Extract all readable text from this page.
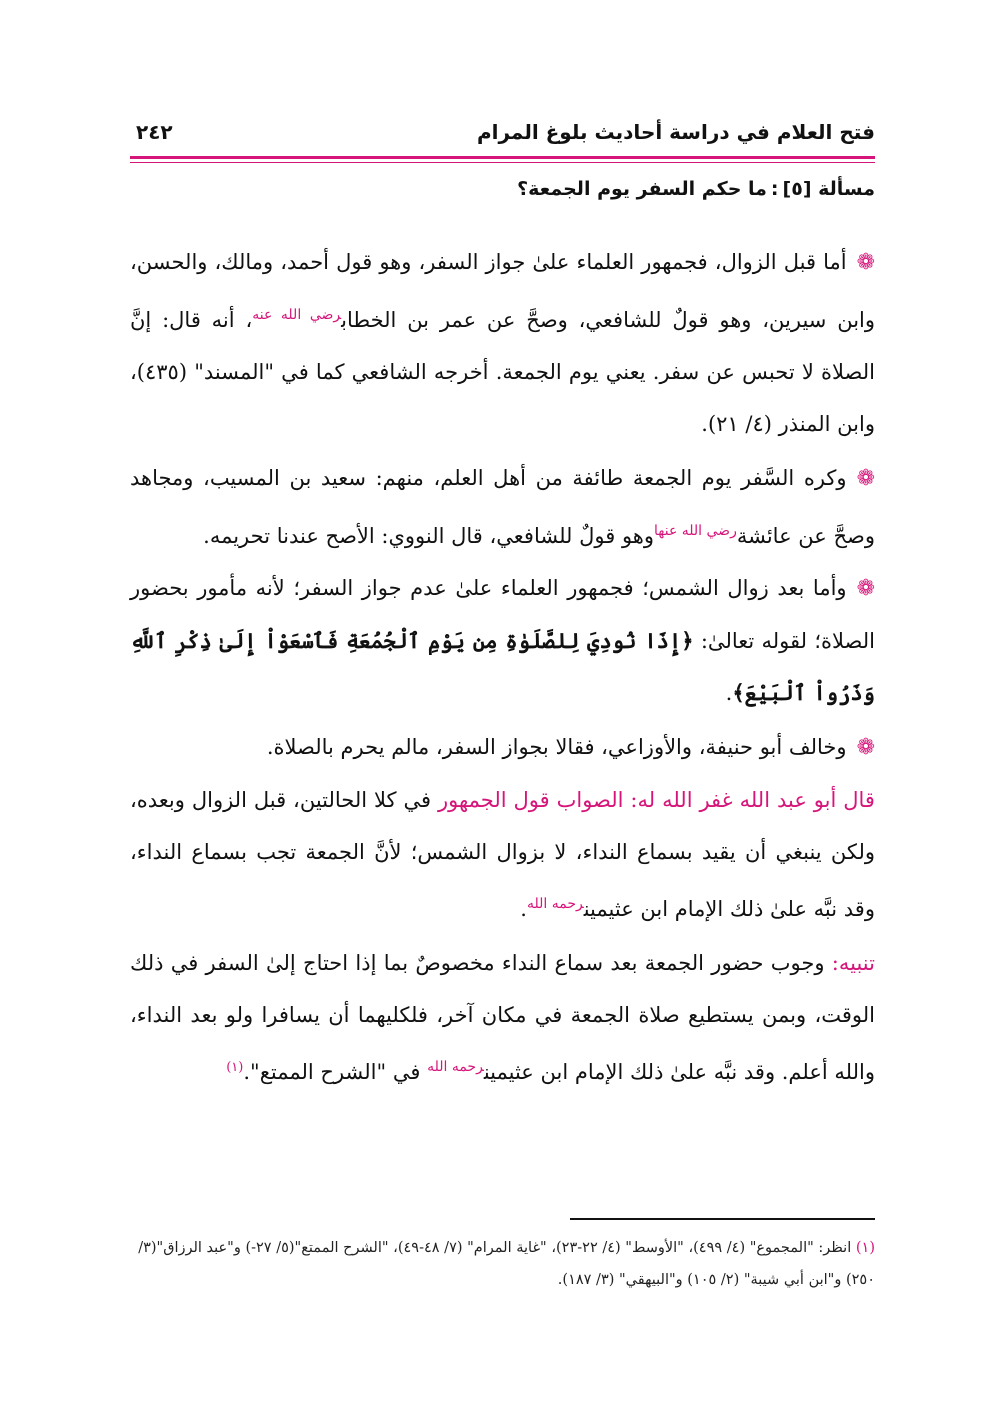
فتح العلام في دراسة أحاديث بلوغ المرام
٢٤٢
مسألة [٥]:ما حكم السفر يوم الجمعة؟

❁أما قبل الزوال، فجمهور العلماء علىٰ جواز السفر، وهو قول أحمد، ومالك، والحسن، وابن سيرين، وهو قولٌ للشافعي، وصحَّ عن عمر بن الخطاب$^{رضي الله عنه}$، أنه قال: إنَّ الصلاة لا تحبس عن سفر. يعني يوم الجمعة. أخرجه الشافعي كما في "المسند" (٤٣٥)، وابن المنذر (٤/ ٢١).

❁وكره السَّفر يوم الجمعة طائفة من أهل العلم، منهم: سعيد بن المسيب، ومجاهد وصحَّ عن عائشة$^{رضي الله عنها}$وهو قولٌ للشافعي، قال النووي: الأصح عندنا تحريمه.

❁وأما بعد زوال الشمس؛ فجمهور العلماء علىٰ عدم جواز السفر؛ لأنه مأمور بحضور الصلاة؛ لقوله تعالىٰ: ﴿إِذَا نُودِيَ لِلصَّلَوٰةِ مِن يَوْمِ ٱلْجُمُعَةِ فَٱسْعَوْاْ إِلَىٰ ذِكْرِ ٱللَّهِ وَذَرُواْ ٱلْبَيْعَ﴾.

❁وخالف أبو حنيفة، والأوزاعي، فقالا بجواز السفر، مالم يحرم بالصلاة.

قال أبو عبد الله غفر الله له: الصواب قول الجمهور في كلا الحالتين، قبل الزوال وبعده، ولكن ينبغي أن يقيد بسماع النداء، لا بزوال الشمس؛ لأنَّ الجمعة تجب بسماع النداء، وقد نبَّه علىٰ ذلك الإمام ابن عثيمين$^{رحمه الله}$.

تنبيه: وجوب حضور الجمعة بعد سماع النداء مخصوصٌ بما إذا احتاج إلىٰ السفر في ذلك الوقت، وبمن يستطيع صلاة الجمعة في مكان آخر، فلكليهما أن يسافرا ولو بعد النداء، والله أعلم. وقد نبَّه علىٰ ذلك الإمام ابن عثيمين$^{رحمه الله}$ في "الشرح الممتع".$^{(١)}$

(١) انظر: "المجموع" (٤/ ٤٩٩)، "الأوسط" (٤/ ٢٢-٢٣)، "غاية المرام" (٧/ ٤٨-٤٩)، "الشرح الممتع"(٥/ ٢٧-) و"عبد الرزاق"(٣/ ٢٥٠) و"ابن أبي شيبة" (٢/ ١٠٥) و"البيهقي" (٣/ ١٨٧).
